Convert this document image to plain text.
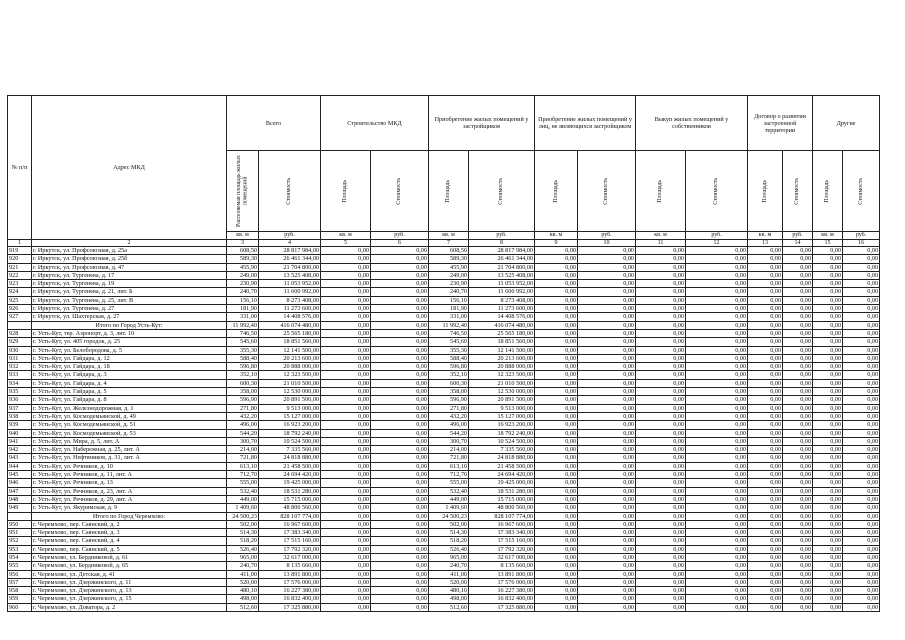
№ п/п	Адрес МКД	Всего		Строительство МКД		Приобретение жилых помещений у застройщиков		Приобретение жилых помещений у лиц, не являющихся застройщиком		Выкуп жилых помещений у собственников		Договор о развитии застроенной территории		Другие	

		Расселяемая площадь жилых помещений	Стоимость	Площадь	Стоимость	Площадь	Стоимость	Площадь	Стоимость	Площадь	Стоимость	Площадь	Стоимость	Площадь	Стоимость

		кв. м	руб.	кв. м	руб.	кв. м	руб.	кв. м	руб.	кв. м	руб.	кв. м	руб.	кв. м	руб.
1	2	3	4	5	6	7	8	9	10	11	12	13	14	15	16
919	г. Иркутск, ул. Профсоюзная, д. 25а	608,50	28 817 984,00	0,00	0,00	608,50	28 817 984,00	0,00	0,00	0,00	0,00	0,00	0,00	0,00	0,00
920	г. Иркутск, ул. Профсоюзная, д. 25б	589,30	26 461 344,00	0,00	0,00	589,30	26 461 344,00	0,00	0,00	0,00	0,00	0,00	0,00	0,00	0,00
921	г. Иркутск, ул. Профсоюзная, д. 47	455,90	21 704 800,00	0,00	0,00	455,90	21 704 800,00	0,00	0,00	0,00	0,00	0,00	0,00	0,00	0,00
922	г. Иркутск, ул. Тургенева, д. 17	249,00	13 525 408,00	0,00	0,00	249,00	13 525 408,00	0,00	0,00	0,00	0,00	0,00	0,00	0,00	0,00
923	г. Иркутск, ул. Тургенева, д. 19	230,90	11 053 952,00	0,00	0,00	230,90	11 053 952,00	0,00	0,00	0,00	0,00	0,00	0,00	0,00	0,00
924	г. Иркутск, ул. Тургенева, д. 21, лит. Б	240,70	11 600 992,00	0,00	0,00	240,70	11 600 992,00	0,00	0,00	0,00	0,00	0,00	0,00	0,00	0,00
925	г. Иркутск, ул. Тургенева, д. 25, лит. В	156,10	8 273 408,00	0,00	0,00	156,10	8 273 408,00	0,00	0,00	0,00	0,00	0,00	0,00	0,00	0,00
926	г. Иркутск, ул. Тургенева, д. 27	181,90	11 273 600,00	0,00	0,00	181,90	11 273 600,00	0,00	0,00	0,00	0,00	0,00	0,00	0,00	0,00
927	г. Иркутск, ул. Шахтерская, д. 27	331,00	14 408 576,00	0,00	0,00	331,00	14 408 576,00	0,00	0,00	0,00	0,00	0,00	0,00	0,00	0,00
	Итого по Город Усть-Кут:	11 992,40	416 074 480,00	0,00	0,00	11 992,40	416 074 480,00	0,00	0,00	0,00	0,00	0,00	0,00	0,00	0,00
928	г. Усть-Кут, тер. Аэропорт, д. 3, лит. 10	746,50	25 565 180,00	0,00	0,00	746,50	25 565 180,00	0,00	0,00	0,00	0,00	0,00	0,00	0,00	0,00
929	г. Усть-Кут, ул. 405 городок, д. 25	545,60	18 851 560,00	0,00	0,00	545,60	18 851 560,00	0,00	0,00	0,00	0,00	0,00	0,00	0,00	0,00
930	г. Усть-Кут, ул. Белобородова, д. 5	355,30	12 141 500,00	0,00	0,00	355,30	12 141 500,00	0,00	0,00	0,00	0,00	0,00	0,00	0,00	0,00
931	г. Усть-Кут, ул. Гайдара, д. 12	588,40	20 213 600,00	0,00	0,00	588,40	20 213 600,00	0,00	0,00	0,00	0,00	0,00	0,00	0,00	0,00
932	г. Усть-Кут, ул. Гайдара, д. 18	596,80	20 888 000,00	0,00	0,00	596,80	20 888 000,00	0,00	0,00	0,00	0,00	0,00	0,00	0,00	0,00
933	г. Усть-Кут, ул. Гайдара, д. 3	352,10	12 323 500,00	0,00	0,00	352,10	12 323 500,00	0,00	0,00	0,00	0,00	0,00	0,00	0,00	0,00
934	г. Усть-Кут, ул. Гайдара, д. 4	600,30	21 010 500,00	0,00	0,00	600,30	21 010 500,00	0,00	0,00	0,00	0,00	0,00	0,00	0,00	0,00
935	г. Усть-Кут, ул. Гайдара, д. 5	358,00	12 530 000,00	0,00	0,00	358,00	12 530 000,00	0,00	0,00	0,00	0,00	0,00	0,00	0,00	0,00
936	г. Усть-Кут, ул. Гайдара, д. 8	596,90	20 891 500,00	0,00	0,00	596,90	20 891 500,00	0,00	0,00	0,00	0,00	0,00	0,00	0,00	0,00
937	г. Усть-Кут, ул. Железнодорожная, д. 1	271,80	9 513 000,00	0,00	0,00	271,80	9 513 000,00	0,00	0,00	0,00	0,00	0,00	0,00	0,00	0,00
938	г. Усть-Кут, ул. Космодемьянской, д. 49	432,20	15 127 000,00	0,00	0,00	432,20	15 127 000,00	0,00	0,00	0,00	0,00	0,00	0,00	0,00	0,00
939	г. Усть-Кут, ул. Космодемьянской, д. 51	496,00	16 923 200,00	0,00	0,00	496,00	16 923 200,00	0,00	0,00	0,00	0,00	0,00	0,00	0,00	0,00
940	г. Усть-Кут, ул. Космодемьянской, д. 53	544,20	18 792 240,00	0,00	0,00	544,20	18 792 240,00	0,00	0,00	0,00	0,00	0,00	0,00	0,00	0,00
941	г. Усть-Кут, ул. Мира, д. 5, лит. А	300,70	10 524 500,00	0,00	0,00	300,70	10 524 500,00	0,00	0,00	0,00	0,00	0,00	0,00	0,00	0,00
942	г. Усть-Кут, ул. Набережная, д. 25, лит. А	214,00	7 335 560,00	0,00	0,00	214,00	7 335 560,00	0,00	0,00	0,00	0,00	0,00	0,00	0,00	0,00
943	г. Усть-Кут, ул. Нефтяников, д. 31, лит. А	721,80	24 818 880,00	0,00	0,00	721,80	24 818 880,00	0,00	0,00	0,00	0,00	0,00	0,00	0,00	0,00
944	г. Усть-Кут, ул. Речников, д. 10	613,10	21 458 500,00	0,00	0,00	613,10	21 458 500,00	0,00	0,00	0,00	0,00	0,00	0,00	0,00	0,00
945	г. Усть-Кут, ул. Речников, д. 11, лит. А	712,70	24 694 420,00	0,00	0,00	712,70	24 694 420,00	0,00	0,00	0,00	0,00	0,00	0,00	0,00	0,00
946	г. Усть-Кут, ул. Речников, д. 13	555,00	19 425 000,00	0,00	0,00	555,00	19 425 000,00	0,00	0,00	0,00	0,00	0,00	0,00	0,00	0,00
947	г. Усть-Кут, ул. Речников, д. 23, лит. А	532,40	18 531 280,00	0,00	0,00	532,40	18 531 280,00	0,00	0,00	0,00	0,00	0,00	0,00	0,00	0,00
948	г. Усть-Кут, ул. Речников, д. 29, лит. А	449,00	15 715 000,00	0,00	0,00	449,00	15 715 000,00	0,00	0,00	0,00	0,00	0,00	0,00	0,00	0,00
949	г. Усть-Кут, ул. Якуримская, д. 9	1 409,60	48 800 560,00	0,00	0,00	1 409,60	48 800 560,00	0,00	0,00	0,00	0,00	0,00	0,00	0,00	0,00
	Итого по Город Черемхово:	24 500,23	828 107 774,00	0,00	0,00	24 500,23	828 107 774,00	0,00	0,00	0,00	0,00	0,00	0,00	0,00	0,00
950	г. Черемхово, пер. Саянский, д. 2	502,00	16 967 600,00	0,00	0,00	502,00	16 967 600,00	0,00	0,00	0,00	0,00	0,00	0,00	0,00	0,00
951	г. Черемхово, пер. Саянский, д. 3	514,30	17 383 340,00	0,00	0,00	514,30	17 383 340,00	0,00	0,00	0,00	0,00	0,00	0,00	0,00	0,00
952	г. Черемхово, пер. Саянский, д. 4	518,20	17 515 160,00	0,00	0,00	518,20	17 515 160,00	0,00	0,00	0,00	0,00	0,00	0,00	0,00	0,00
953	г. Черемхово, пер. Саянский, д. 5	526,40	17 792 320,00	0,00	0,00	526,40	17 792 320,00	0,00	0,00	0,00	0,00	0,00	0,00	0,00	0,00
954	г. Черемхово, ул. Бердниковой, д. 61	965,00	32 617 000,00	0,00	0,00	965,00	32 617 000,00	0,00	0,00	0,00	0,00	0,00	0,00	0,00	0,00
955	г. Черемхово, ул. Бердниковой, д. 65	240,70	8 135 660,00	0,00	0,00	240,70	8 135 660,00	0,00	0,00	0,00	0,00	0,00	0,00	0,00	0,00
956	г. Черемхово, ул. Детская, д. 41	411,00	13 891 800,00	0,00	0,00	411,00	13 891 800,00	0,00	0,00	0,00	0,00	0,00	0,00	0,00	0,00
957	г. Черемхово, ул. Дзержинского, д. 11	520,00	17 576 000,00	0,00	0,00	520,00	17 576 000,00	0,00	0,00	0,00	0,00	0,00	0,00	0,00	0,00
958	г. Черемхово, ул. Дзержинского, д. 13	480,10	16 227 380,00	0,00	0,00	480,10	16 227 380,00	0,00	0,00	0,00	0,00	0,00	0,00	0,00	0,00
959	г. Черемхово, ул. Дзержинского, д. 15	498,00	16 832 400,00	0,00	0,00	498,00	16 832 400,00	0,00	0,00	0,00	0,00	0,00	0,00	0,00	0,00
960	г. Черемхово, ул. Доватора, д. 2	512,60	17 325 880,00	0,00	0,00	512,60	17 325 880,00	0,00	0,00	0,00	0,00	0,00	0,00	0,00	0,00
